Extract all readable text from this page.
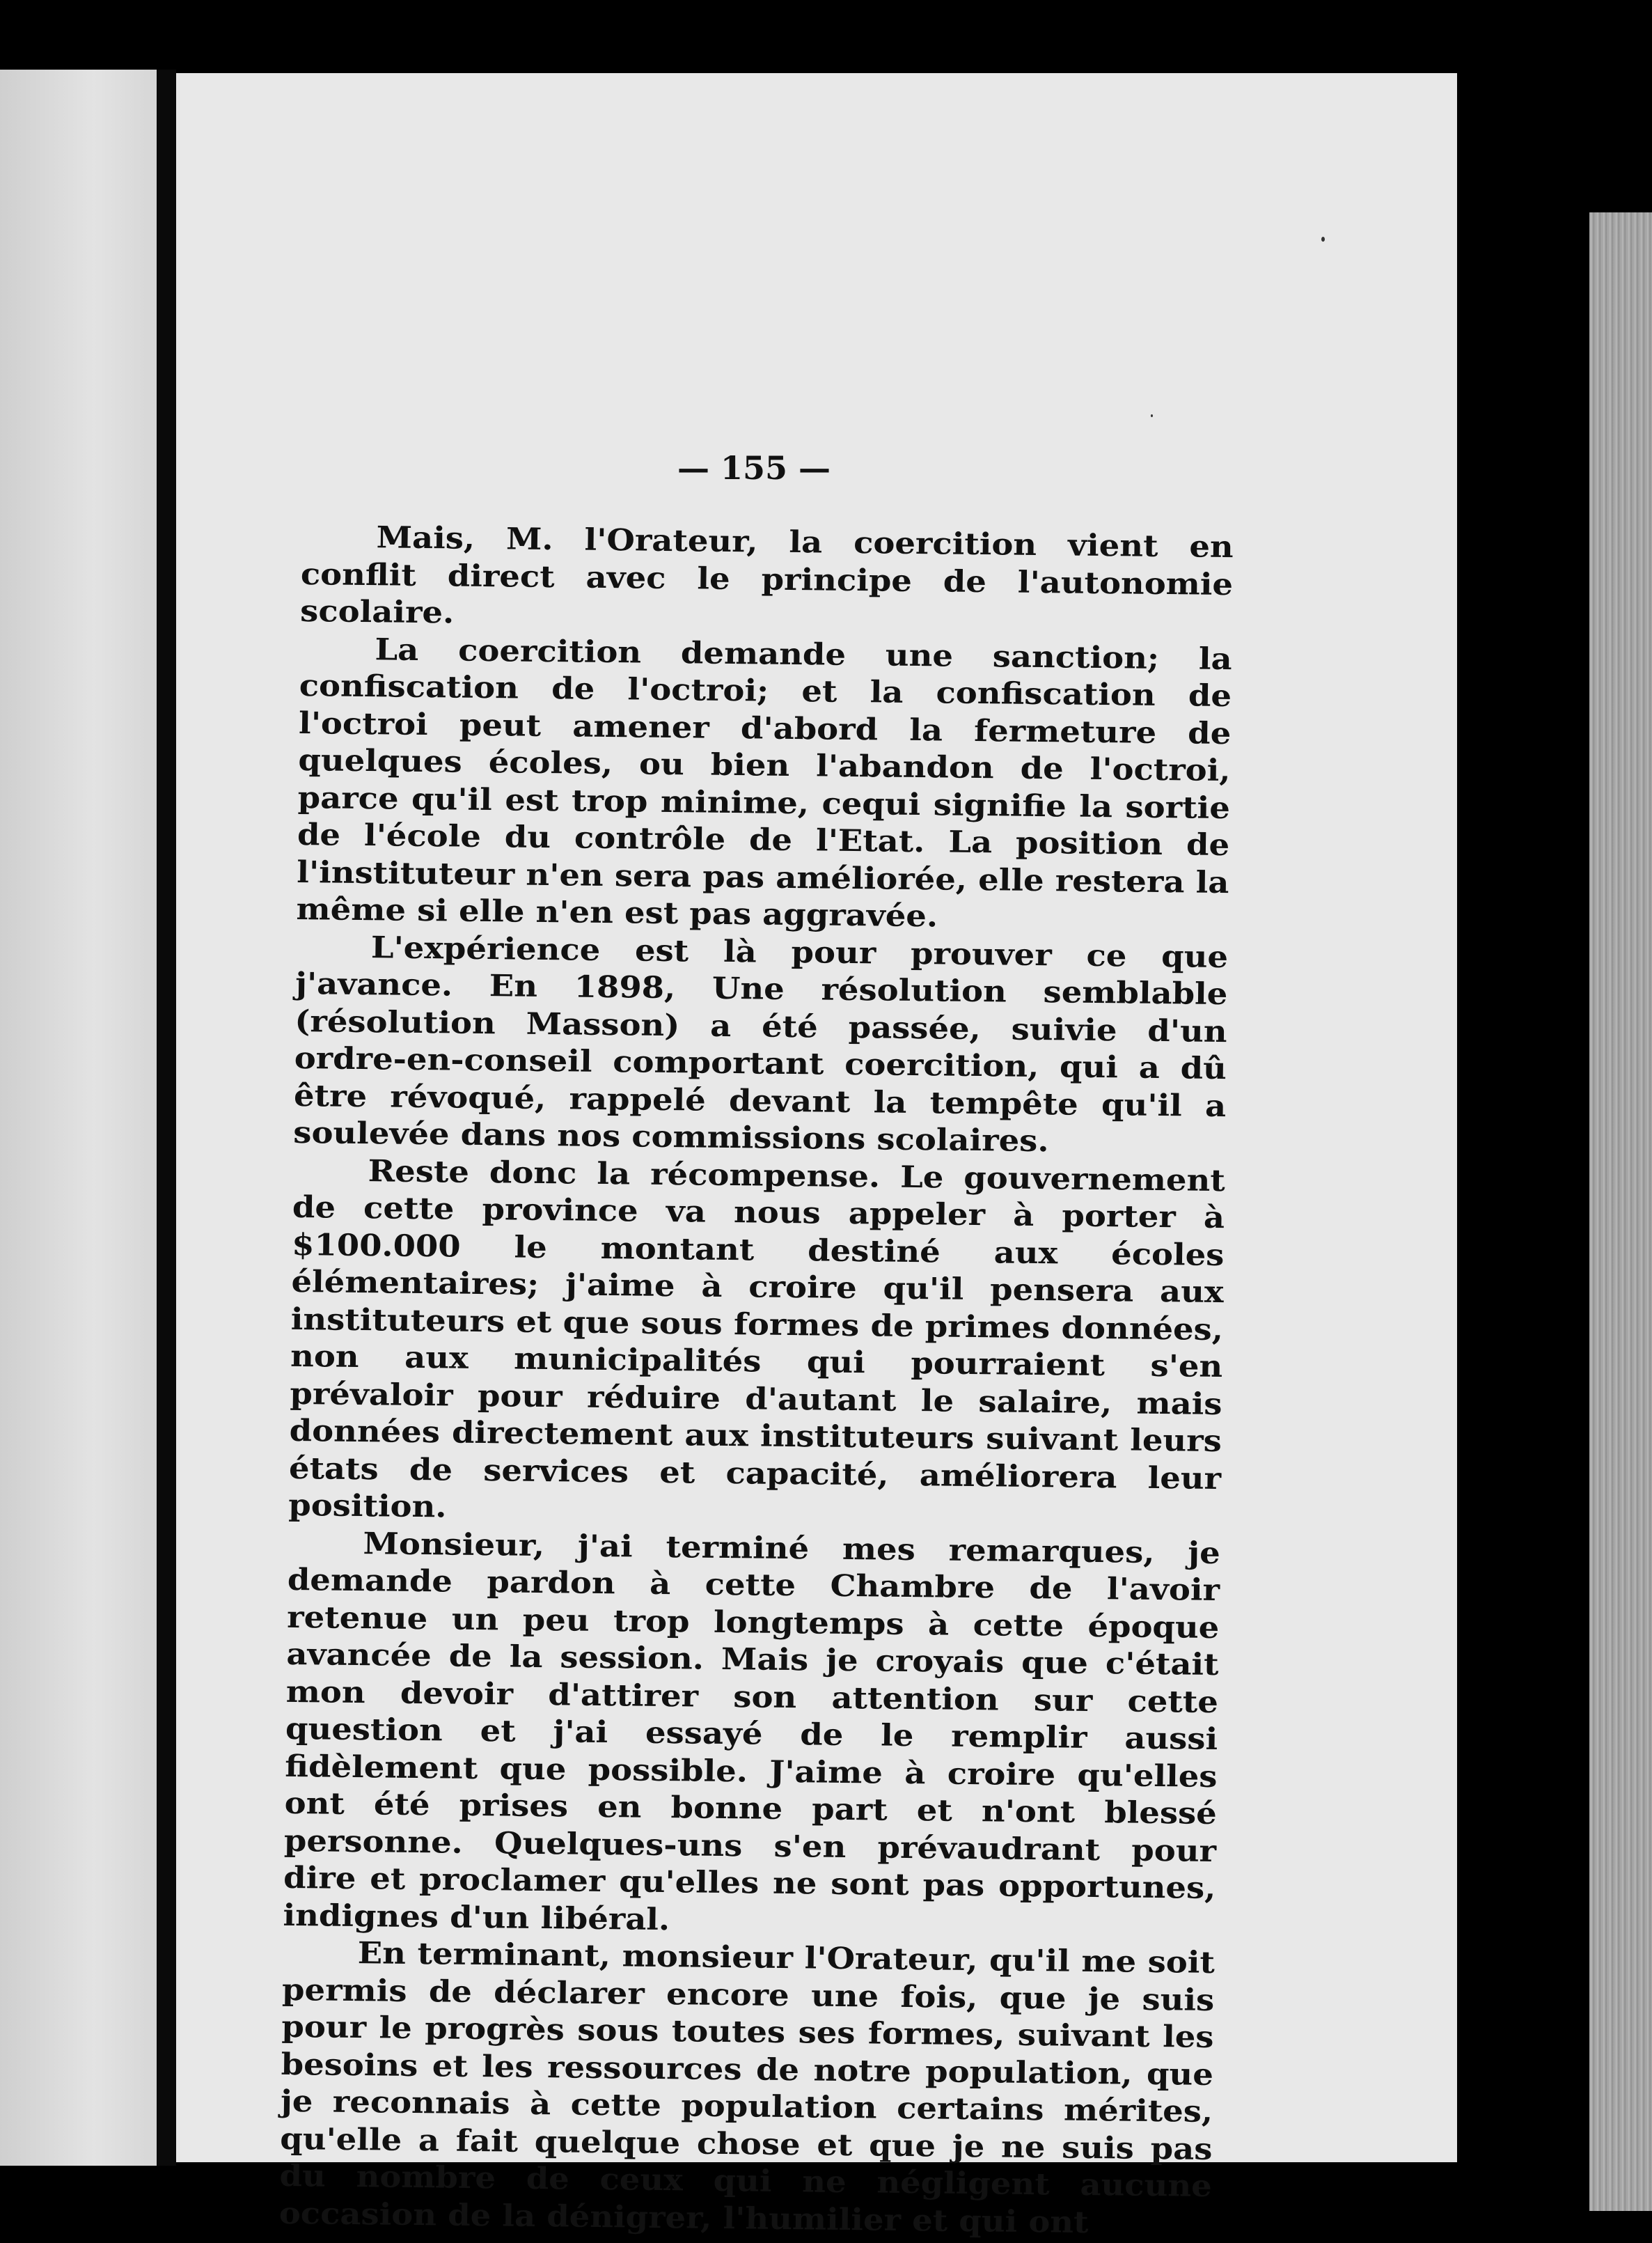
— 155 —

Mais, M. l'Orateur, la coercition vient en conflit direct avec le principe de l'autonomie scolaire.

La coercition demande une sanction; la confiscation de l'octroi; et la confiscation de l'octroi peut amener d'abord la fermeture de quelques écoles, ou bien l'abandon de l'octroi, parce qu'il est trop minime, cequi signifie la sortie de l'école du contrôle de l'Etat. La position de l'instituteur n'en sera pas améliorée, elle restera la même si elle n'en est pas aggravée.

L'expérience est là pour prouver ce que j'avance. En 1898, Une résolution semblable (résolution Masson) a été passée, suivie d'un ordre-en-conseil comportant coercition, qui a dû être révoqué, rappelé devant la tempête qu'il a soulevée dans nos commissions scolaires.

Reste donc la récompense. Le gouvernement de cette province va nous appeler à porter à $100.000 le montant destiné aux écoles élémentaires; j'aime à croire qu'il pensera aux instituteurs et que sous formes de primes données, non aux municipalités qui pourraient s'en prévaloir pour réduire d'autant le salaire, mais données directement aux instituteurs suivant leurs états de services et capacité, améliorera leur position.

Monsieur, j'ai terminé mes remarques, je demande pardon à cette Chambre de l'avoir retenue un peu trop longtemps à cette époque avancée de la session. Mais je croyais que c'était mon devoir d'attirer son attention sur cette question et j'ai essayé de le remplir aussi fidèlement que possible. J'aime à croire qu'elles ont été prises en bonne part et n'ont blessé personne. Quelques-uns s'en prévaudrant pour dire et proclamer qu'elles ne sont pas opportunes, indignes d'un libéral.

En terminant, monsieur l'Orateur, qu'il me soit permis de déclarer encore une fois, que je suis pour le progrès sous toutes ses formes, suivant les besoins et les ressources de notre population, que je reconnais à cette population certains mérites, qu'elle a fait quelque chose et que je ne suis pas du nombre de ceux qui ne négligent aucune occasion de la dénigrer, l'humilier et qui ont
